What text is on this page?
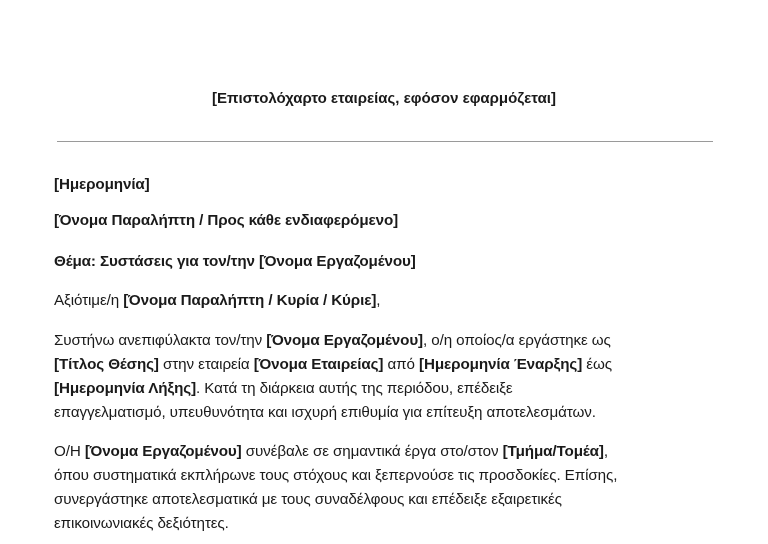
[Επιστολόχαρτο εταιρείας, εφόσον εφαρμόζεται]
[Ημερομηνία]
[Όνομα Παραλήπτη / Προς κάθε ενδιαφερόμενο]
Θέμα: Συστάσεις για τον/την [Όνομα Εργαζομένου]
Αξιότιμε/η [Όνομα Παραλήπτη / Κυρία / Κύριε],
Συστήνω ανεπιφύλακτα τον/την [Όνομα Εργαζομένου], ο/η οποίος/α εργάστηκε ως
[Τίτλος Θέσης] στην εταιρεία [Όνομα Εταιρείας] από [Ημερομηνία Έναρξης] έως
[Ημερομηνία Λήξης]. Κατά τη διάρκεια αυτής της περιόδου, επέδειξε
επαγγελματισμό, υπευθυνότητα και ισχυρή επιθυμία για επίτευξη αποτελεσμάτων.
Ο/Η [Όνομα Εργαζομένου] συνέβαλε σε σημαντικά έργα στο/στον [Τμήμα/Τομέα],
όπου συστηματικά εκπλήρωνε τους στόχους και ξεπερνούσε τις προσδοκίες. Επίσης,
συνεργάστηκε αποτελεσματικά με τους συναδέλφους και επέδειξε εξαιρετικές
επικοινωνιακές δεξιότητες.
